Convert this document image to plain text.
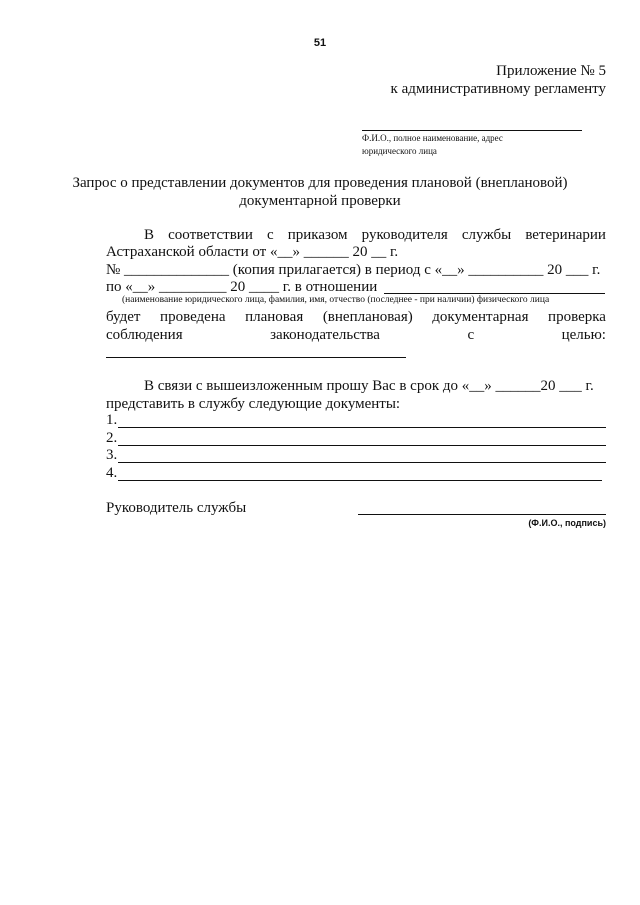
51
Приложение № 5
к административному регламенту
Ф.И.О., полное наименование, адрес
юридического лица
Запрос о представлении документов для проведения плановой (внеплановой)
документарной проверки
В соответствии с приказом руководителя службы ветеринарии
Астраханской области от «__» ______ 20 __ г.
№ ______________ (копия прилагается) в период с «__» __________ 20 ___ г.
по «__» _________ 20 ____ г. в отношении
(наименование юридического лица, фамилия, имя, отчество (последнее - при наличии) физического лица
будет проведена плановая (внеплановая) документарная проверка
соблюдения	законодательства	с	целью:
В связи с вышеизложенным прошу Вас в срок до «__» ______20 ___ г.
представить в службу следующие документы:
1.
2.
3.
4.
Руководитель службы
(Ф.И.О., подпись)
